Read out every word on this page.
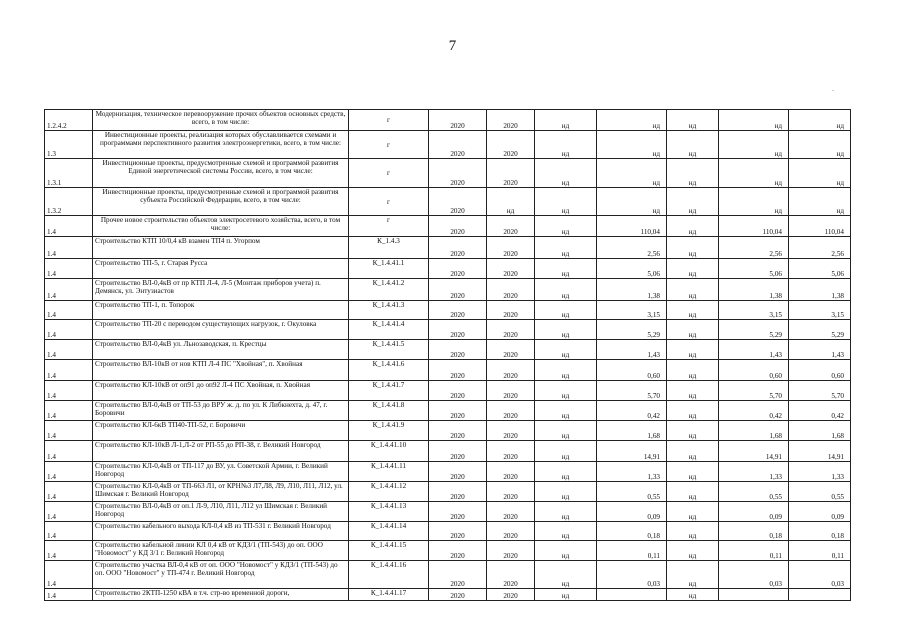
7
.
1.2.4.2	Модернизация, техническое перевооружение прочих объектов основных средств, всего, в том числе:	г	2020	2020	нд	нд	нд	нд	нд
1.3	Инвестиционные проекты, реализация которых обуславливается схемами и программами перспективного развития электроэнергетики, всего, в том числе:	г	2020	2020	нд	нд	нд	нд	нд
1.3.1	Инвестиционные проекты, предусмотренные схемой и программой развития Единой энергетической системы России, всего, в том числе:	г	2020	2020	нд	нд	нд	нд	нд
1.3.2	Инвестиционные проекты, предусмотренные схемой и программой развития субъекта Российской Федерации, всего, в том числе:	г	2020	нд	нд	нд	нд	нд	нд
1.4	Прочее новое строительство объектов электросетевого хозяйства, всего, в том числе:	г	2020	2020	нд	110,04	нд	110,04	110,04
1.4	Строительство КТП 10/0,4 кВ взамен ТП4 п. Угорпом	К_1.4.3	2020	2020	нд	2,56	нд	2,56	2,56
1.4	Строительство ТП-5, г. Старая Русса	К_1.4.41.1	2020	2020	нд	5,06	нд	5,06	5,06
1.4	Строительство ВЛ-0,4кВ от пр КТП Л-4, Л-5 (Монтаж приборов учета) п. Демянск, ул. Энтузиастов	К_1.4.41.2	2020	2020	нд	1,38	нд	1,38	1,38
1.4	Строительство ТП-1, п. Топорок	К_1.4.41.3	2020	2020	нд	3,15	нд	3,15	3,15
1.4	Строительство ТП-20 с переводом существующих нагрузок, г. Окуловка	К_1.4.41.4	2020	2020	нд	5,29	нд	5,29	5,29
1.4	Строительство ВЛ-0,4кВ ул. Льнозаводская, п. Крестцы	К_1.4.41.5	2020	2020	нд	1,43	нд	1,43	1,43
1.4	Строительство ВЛ-10кВ от нов КТП Л-4 ПС "Хвойная", п. Хвойная	К_1.4.41.6	2020	2020	нд	0,60	нд	0,60	0,60
1.4	Строительство КЛ-10кВ от оп91 до оп92 Л-4 ПС Хвойная, п. Хвойная	К_1.4.41.7	2020	2020	нд	5,70	нд	5,70	5,70
1.4	Строительство ВЛ-0,4кВ от ТП-53 до ВРУ ж. д. по ул. К Либкнехта, д. 47, г. Боровичи	К_1.4.41.8	2020	2020	нд	0,42	нд	0,42	0,42
1.4	Строительство КЛ-6кВ ТП40-ТП-52, г. Боровичи	К_1.4.41.9	2020	2020	нд	1,68	нд	1,68	1,68
1.4	Строительство КЛ-10кВ Л-1,Л-2 от РП-55 до РП-38, г. Великий Новгород	К_1.4.41.10	2020	2020	нд	14,91	нд	14,91	14,91
1.4	Строительство КЛ-0,4кВ от ТП-117 до ВУ, ул. Советской Армии, г. Великий Новгород	К_1.4.41.11	2020	2020	нд	1,33	нд	1,33	1,33
1.4	Строительство КЛ-0,4кВ от ТП-663 Л1, от КРН№3 Л7,Л8, Л9, Л10, Л11, Л12, ул. Шимская г. Великий Новгород	К_1.4.41.12	2020	2020	нд	0,55	нд	0,55	0,55
1.4	Строительство ВЛ-0,4кВ от оп.1 Л-9, Л10, Л11, Л12 ул Шимская г. Великий Новгород	К_1.4.41.13	2020	2020	нд	0,09	нд	0,09	0,09
1.4	Строительство кабельного выхода КЛ-0,4 кВ из ТП-531 г. Великий Новгород	К_1.4.41.14	2020	2020	нд	0,18	нд	0,18	0,18
1.4	Строительство кабельной линии КЛ 0,4 кВ от КДЗ/1 (ТП-543) до оп. ООО "Новомост" у КД 3/1 г. Великий Новгород	К_1.4.41.15	2020	2020	нд	0,11	нд	0,11	0,11
1.4	Строительство участка ВЛ-0,4 кВ от оп. ООО "Новомост" у КДЗ/1 (ТП-543) до оп. ООО "Новомост" у ТП-474 г. Великий Новгород	К_1.4.41.16	2020	2020	нд	0,03	нд	0,03	0,03
1.4	Строительство 2КТП-1250 кВА в т.ч. стр-во временной дороги,	К_1.4.41.17	2020	2020	нд		нд		
